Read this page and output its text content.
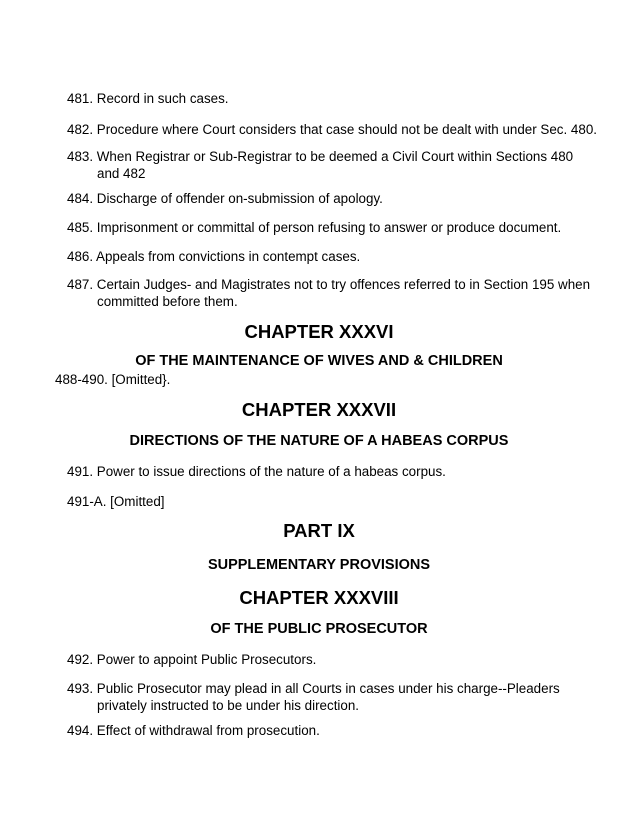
481. Record in such cases.
482. Procedure where Court considers that case should not be dealt with under Sec. 480.
483. When Registrar or Sub-Registrar to be deemed a Civil Court within Sections 480 and 482
484. Discharge of offender on-submission of apology.
485. Imprisonment or committal of person refusing to answer or produce document.
486. Appeals from convictions in contempt cases.
487. Certain Judges- and Magistrates not to try offences referred to in Section 195 when committed before them.
CHAPTER XXXVI
OF THE MAINTENANCE OF WIVES AND & CHILDREN
488-490. [Omitted}.
CHAPTER XXXVII
DIRECTIONS OF THE NATURE OF A HABEAS CORPUS
491. Power to issue directions of the nature of a habeas corpus.
491-A. [Omitted]
PART IX
SUPPLEMENTARY PROVISIONS
CHAPTER XXXVIII
OF THE PUBLIC PROSECUTOR
492. Power to appoint Public Prosecutors.
493. Public Prosecutor may plead in all Courts in cases under his charge--Pleaders privately instructed to be under his direction.
494. Effect of withdrawal from prosecution.
